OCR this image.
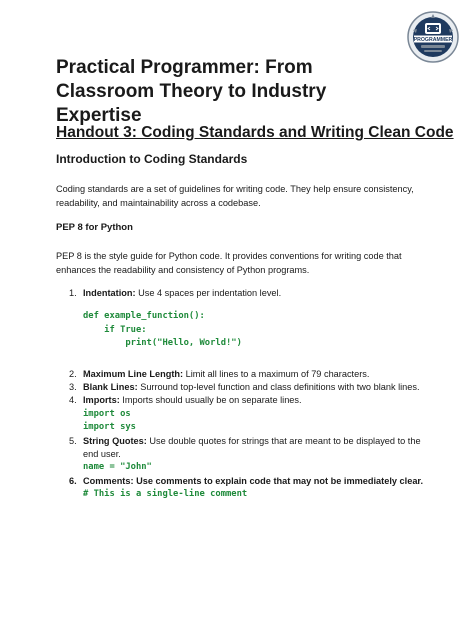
PROGRAMMER
Practical Programmer: From Classroom Theory to Industry Expertise
Handout 3: Coding Standards and Writing Clean Code
Introduction to Coding Standards

Coding standards are a set of guidelines for writing code. They help ensure consistency, readability, and maintainability across a codebase.

PEP 8 for Python

PEP 8 is the style guide for Python code. It provides conventions for writing code that enhances the readability and consistency of Python programs.

1. Indentation: Use 4 spaces per indentation level.
def example_function():
if True:
print("Hello, World!")
2. Maximum Line Length: Limit all lines to a maximum of 79 characters.
3. Blank Lines: Surround top-level function and class definitions with two blank lines.
4. Imports: Imports should usually be on separate lines.
import os
import sys
5. String Quotes: Use double quotes for strings that are meant to be displayed to the end user.
name = "John"
6. Comments: Use comments to explain code that may not be immediately clear.
# This is a single-line comment
